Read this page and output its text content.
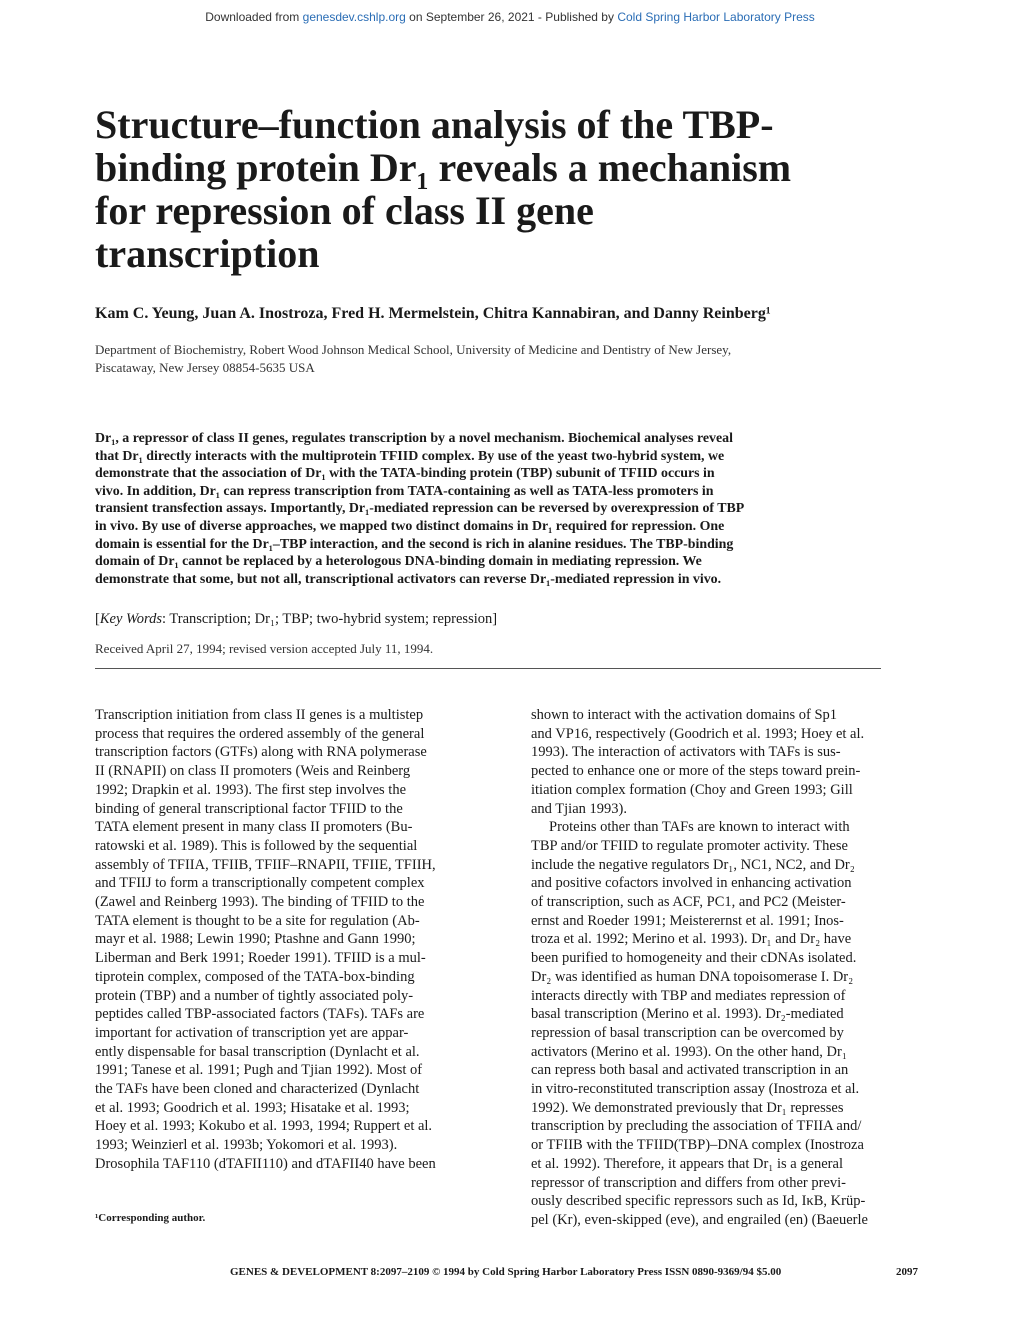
Downloaded from genesdev.cshlp.org on September 26, 2021 - Published by Cold Spring Harbor Laboratory Press
Structure–function analysis of the TBP-
binding protein Dr₁ reveals a mechanism
for repression of class II gene
transcription
Kam C. Yeung, Juan A. Inostroza, Fred H. Mermelstein, Chitra Kannabiran, and Danny Reinberg¹
Department of Biochemistry, Robert Wood Johnson Medical School, University of Medicine and Dentistry of New Jersey,
Piscataway, New Jersey 08854-5635 USA
Dr₁, a repressor of class II genes, regulates transcription by a novel mechanism. Biochemical analyses reveal
that Dr₁ directly interacts with the multiprotein TFIID complex. By use of the yeast two-hybrid system, we
demonstrate that the association of Dr₁ with the TATA-binding protein (TBP) subunit of TFIID occurs in
vivo. In addition, Dr₁ can repress transcription from TATA-containing as well as TATA-less promoters in
transient transfection assays. Importantly, Dr₁-mediated repression can be reversed by overexpression of TBP
in vivo. By use of diverse approaches, we mapped two distinct domains in Dr₁ required for repression. One
domain is essential for the Dr₁–TBP interaction, and the second is rich in alanine residues. The TBP-binding
domain of Dr₁ cannot be replaced by a heterologous DNA-binding domain in mediating repression. We
demonstrate that some, but not all, transcriptional activators can reverse Dr₁-mediated repression in vivo.
[Key Words: Transcription; Dr₁; TBP; two-hybrid system; repression]
Received April 27, 1994; revised version accepted July 11, 1994.
Transcription initiation from class II genes is a multistep
process that requires the ordered assembly of the general
transcription factors (GTFs) along with RNA polymerase
II (RNAPII) on class II promoters (Weis and Reinberg
1992; Drapkin et al. 1993). The first step involves the
binding of general transcriptional factor TFIID to the
TATA element present in many class II promoters (Bu-
ratowski et al. 1989). This is followed by the sequential
assembly of TFIIA, TFIIB, TFIIF–RNAPII, TFIIE, TFIIH,
and TFIIJ to form a transcriptionally competent complex
(Zawel and Reinberg 1993). The binding of TFIID to the
TATA element is thought to be a site for regulation (Ab-
mayr et al. 1988; Lewin 1990; Ptashne and Gann 1990;
Liberman and Berk 1991; Roeder 1991). TFIID is a mul-
tiprotein complex, composed of the TATA-box-binding
protein (TBP) and a number of tightly associated poly-
peptides called TBP-associated factors (TAFs). TAFs are
important for activation of transcription yet are appar-
ently dispensable for basal transcription (Dynlacht et al.
1991; Tanese et al. 1991; Pugh and Tjian 1992). Most of
the TAFs have been cloned and characterized (Dynlacht
et al. 1993; Goodrich et al. 1993; Hisatake et al. 1993;
Hoey et al. 1993; Kokubo et al. 1993, 1994; Ruppert et al.
1993; Weinzierl et al. 1993b; Yokomori et al. 1993).
Drosophila TAF110 (dTAFII110) and dTAFII40 have been
shown to interact with the activation domains of Sp1
and VP16, respectively (Goodrich et al. 1993; Hoey et al.
1993). The interaction of activators with TAFs is sus-
pected to enhance one or more of the steps toward prein-
itiation complex formation (Choy and Green 1993; Gill
and Tjian 1993).
Proteins other than TAFs are known to interact with
TBP and/or TFIID to regulate promoter activity. These
include the negative regulators Dr₁, NC1, NC2, and Dr₂
and positive cofactors involved in enhancing activation
of transcription, such as ACF, PC1, and PC2 (Meister-
ernst and Roeder 1991; Meisterernst et al. 1991; Inos-
troza et al. 1992; Merino et al. 1993). Dr₁ and Dr₂ have
been purified to homogeneity and their cDNAs isolated.
Dr₂ was identified as human DNA topoisomerase I. Dr₂
interacts directly with TBP and mediates repression of
basal transcription (Merino et al. 1993). Dr₂-mediated
repression of basal transcription can be overcomed by
activators (Merino et al. 1993). On the other hand, Dr₁
can repress both basal and activated transcription in an
in vitro-reconstituted transcription assay (Inostroza et al.
1992). We demonstrated previously that Dr₁ represses
transcription by precluding the association of TFIIA and/
or TFIIB with the TFIID(TBP)–DNA complex (Inostroza
et al. 1992). Therefore, it appears that Dr₁ is a general
repressor of transcription and differs from other previ-
ously described specific repressors such as Id, IκB, Krüp-
pel (Kr), even-skipped (eve), and engrailed (en) (Baeuerle
¹Corresponding author.
GENES & DEVELOPMENT 8:2097–2109 © 1994 by Cold Spring Harbor Laboratory Press ISSN 0890-9369/94 $5.00	2097
